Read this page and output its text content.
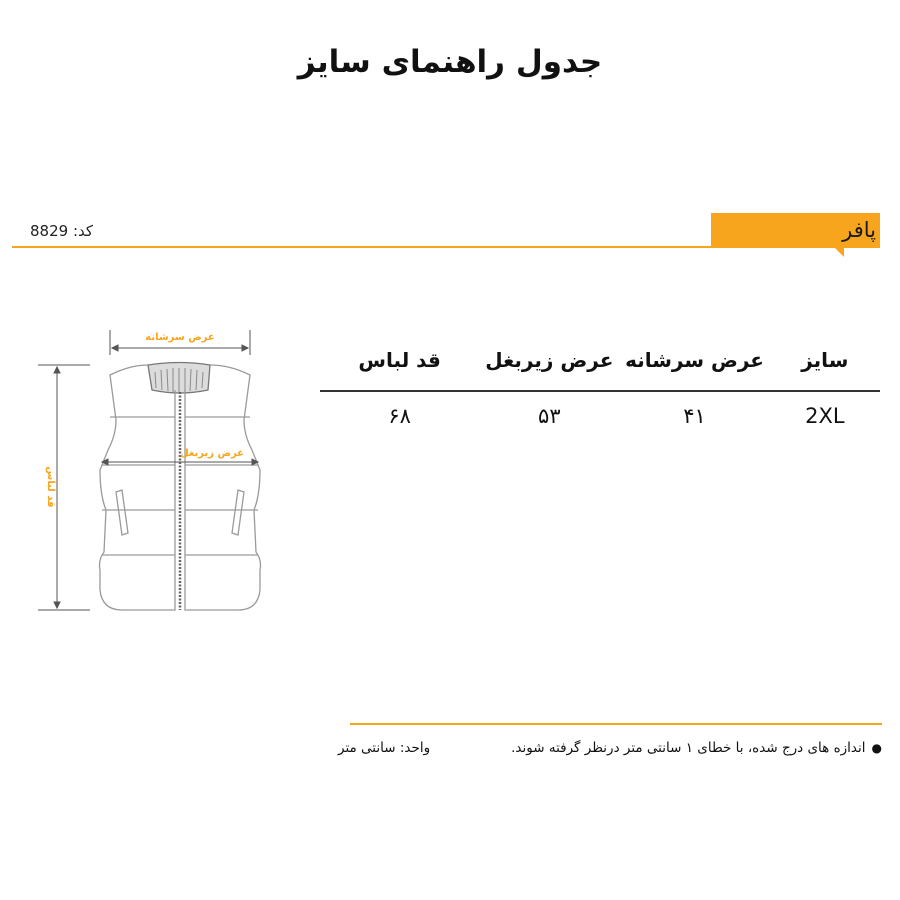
جدول راهنمای سایز
پافر
کد: 8829
عرض سرشانه
عرض زیربغل
قد لباس
سایز	عرض سرشانه	عرض زیربغل	قد لباس
2XL	۴۱	۵۳	۶۸
●
اندازه های درج شده، با خطای ۱ سانتی متر درنظر گرفته شوند.
واحد: سانتی متر
